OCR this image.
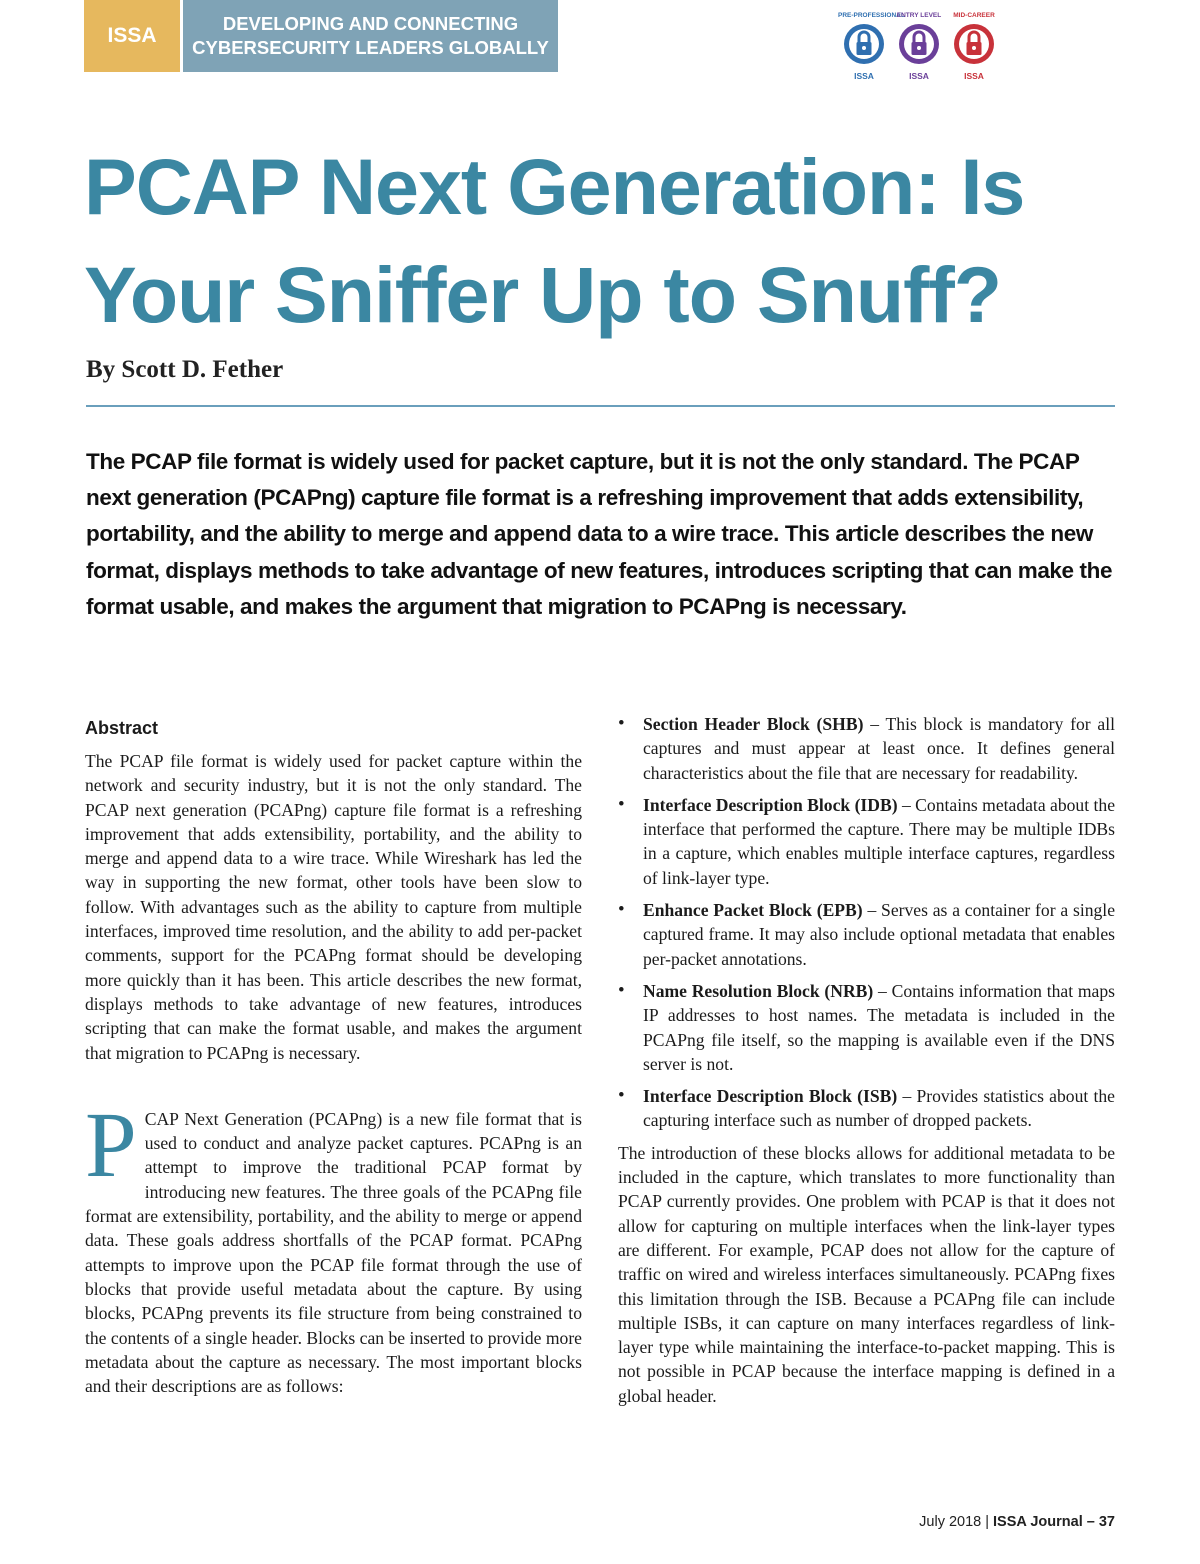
ISSA
DEVELOPING AND CONNECTING
CYBERSECURITY LEADERS GLOBALLY
PRE-PROFESSIONAL
ISSA
ENTRY LEVEL
ISSA
MID-CAREER
ISSA
PCAP Next Generation: Is
Your Sniffer Up to Snuff?

By Scott D. Fether

The PCAP file format is widely used for packet capture, but it is not the only standard. The PCAP next generation (PCAPng) capture file format is a refreshing improvement that adds extensibility, portability, and the ability to merge and append data to a wire trace. This article describes the new format, displays methods to take advantage of new features, introduces scripting that can make the format usable, and makes the argument that migration to PCAPng is necessary.

Abstract

The PCAP file format is widely used for packet capture within the network and security industry, but it is not the only standard. The PCAP next generation (PCAPng) capture file format is a refreshing improvement that adds extensibility, portability, and the ability to merge and append data to a wire trace. While Wireshark has led the way in supporting the new format, other tools have been slow to follow. With advantages such as the ability to capture from multiple interfaces, improved time resolution, and the ability to add per-packet comments, support for the PCAPng format should be developing more quickly than it has been. This article describes the new format, displays methods to take advantage of new features, introduces scripting that can make the format usable, and makes the argument that migration to PCAPng is necessary.

PCAP Next Generation (PCAPng) is a new file format that is used to conduct and analyze packet captures. PCAPng is an attempt to improve the traditional PCAP format by introducing new features. The three goals of the PCAPng file format are extensibility, portability, and the ability to merge or append data. These goals address shortfalls of the PCAP format. PCAPng attempts to improve upon the PCAP file format through the use of blocks that provide useful metadata about the capture. By using blocks, PCAPng prevents its file structure from being constrained to the contents of a single header. Blocks can be inserted to provide more metadata about the capture as necessary. The most important blocks and their descriptions are as follows:

• Section Header Block (SHB) – This block is mandatory for all captures and must appear at least once. It defines general characteristics about the file that are necessary for readability.
• Interface Description Block (IDB) – Contains metadata about the interface that performed the capture. There may be multiple IDBs in a capture, which enables multiple interface captures, regardless of link-layer type.
• Enhance Packet Block (EPB) – Serves as a container for a single captured frame. It may also include optional metadata that enables per-packet annotations.
• Name Resolution Block (NRB) – Contains information that maps IP addresses to host names. The metadata is included in the PCAPng file itself, so the mapping is available even if the DNS server is not.
• Interface Description Block (ISB) – Provides statistics about the capturing interface such as number of dropped packets.

The introduction of these blocks allows for additional metadata to be included in the capture, which translates to more functionality than PCAP currently provides. One problem with PCAP is that it does not allow for capturing on multiple interfaces when the link-layer types are different. For example, PCAP does not allow for the capture of traffic on wired and wireless interfaces simultaneously. PCAPng fixes this limitation through the ISB. Because a PCAPng file can include multiple ISBs, it can capture on many interfaces regardless of link-layer type while maintaining the interface-to-packet mapping. This is not possible in PCAP because the interface mapping is defined in a global header.

July 2018 | ISSA Journal – 37
